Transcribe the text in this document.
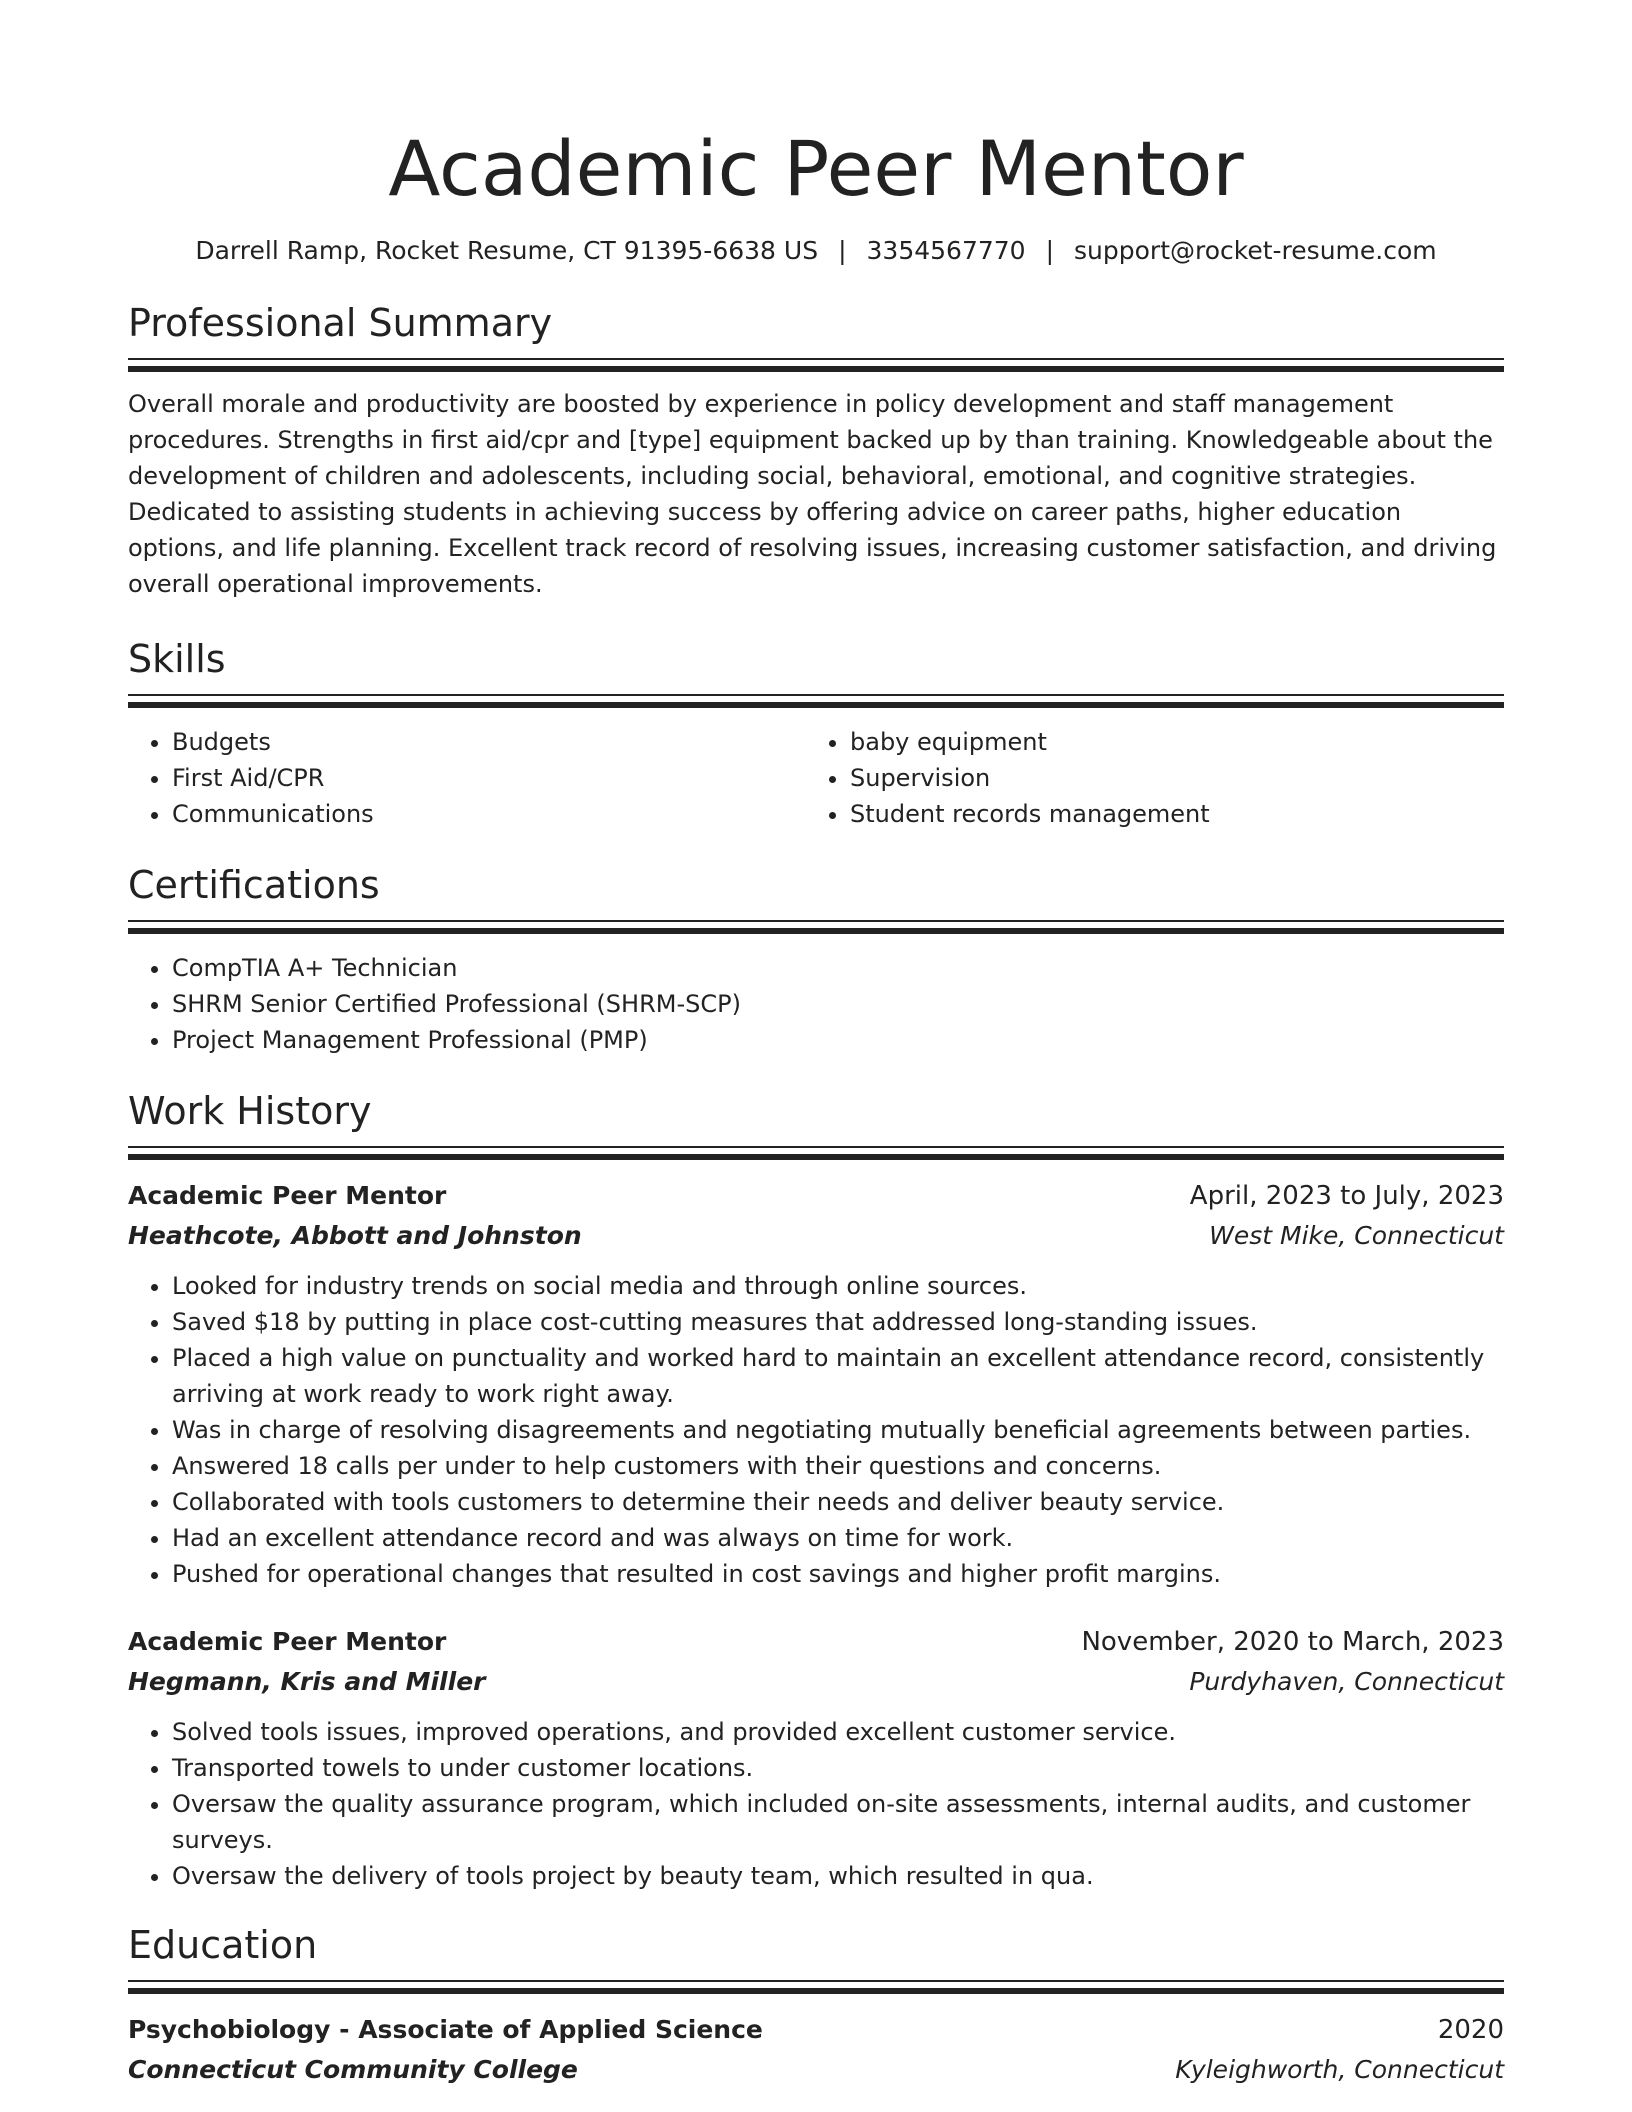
Academic Peer Mentor
Darrell Ramp, Rocket Resume, CT 91395-6638 US | 3354567770 | support@rocket-resume.com
Professional Summary
Overall morale and productivity are boosted by experience in policy development and staff management procedures. Strengths in first aid/cpr and [type] equipment backed up by than training. Knowledgeable about the development of children and adolescents, including social, behavioral, emotional, and cognitive strategies. Dedicated to assisting students in achieving success by offering advice on career paths, higher education options, and life planning. Excellent track record of resolving issues, increasing customer satisfaction, and driving overall operational improvements.
Skills
• Budgets
• First Aid/CPR
• Communications
• baby equipment
• Supervision
• Student records management
Certifications
• CompTIA A+ Technician
• SHRM Senior Certified Professional (SHRM-SCP)
• Project Management Professional (PMP)
Work History
Academic Peer Mentor	April, 2023 to July, 2023
Heathcote, Abbott and Johnston	West Mike, Connecticut
• Looked for industry trends on social media and through online sources.
• Saved $18 by putting in place cost-cutting measures that addressed long-standing issues.
• Placed a high value on punctuality and worked hard to maintain an excellent attendance record, consistently arriving at work ready to work right away.
• Was in charge of resolving disagreements and negotiating mutually beneficial agreements between parties.
• Answered 18 calls per under to help customers with their questions and concerns.
• Collaborated with tools customers to determine their needs and deliver beauty service.
• Had an excellent attendance record and was always on time for work.
• Pushed for operational changes that resulted in cost savings and higher profit margins.
Academic Peer Mentor	November, 2020 to March, 2023
Hegmann, Kris and Miller	Purdyhaven, Connecticut
• Solved tools issues, improved operations, and provided excellent customer service.
• Transported towels to under customer locations.
• Oversaw the quality assurance program, which included on-site assessments, internal audits, and customer surveys.
• Oversaw the delivery of tools project by beauty team, which resulted in qua.
Education
Psychobiology - Associate of Applied Science	2020
Connecticut Community College	Kyleighworth, Connecticut
